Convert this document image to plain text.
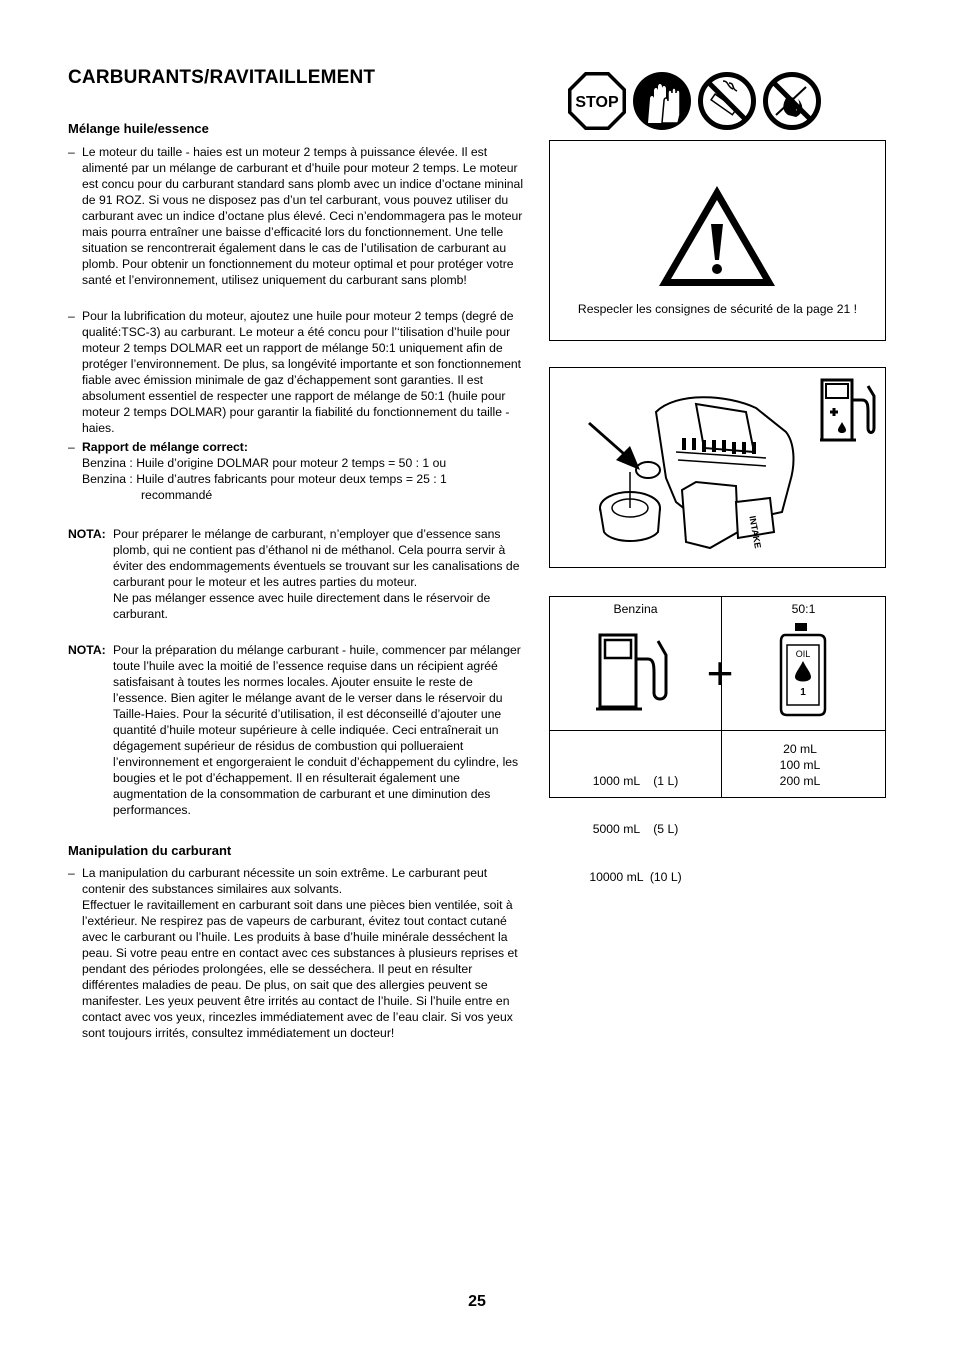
CARBURANTS/RAVITAILLEMENT
Mélange huile/essence
– Le moteur du taille - haies est un moteur 2 temps à puissance élevée. Il est alimenté par un mélange de carburant et d’huile pour moteur 2 temps. Le moteur est concu pour du carburant standard sans plomb avec un indice d’octane mininal de 91 ROZ. Si vous ne disposez pas d’un tel carburant, vous pouvez utiliser du carburant avec un indice d’octane plus élevé. Ceci n’endommagera pas le moteur mais pourra entraîner une baisse d’efficacité lors du fonctionnement. Une telle situation se rencontrerait également dans le cas de l’utilisation de carburant au plomb. Pour obtenir un fonctionnement du moteur optimal et pour protéger votre santé et l’environnement, utilisez uniquement du carburant sans plomb!

– Pour la lubrification du moteur, ajoutez une huile pour moteur 2 temps (degré de qualité:TSC-3) au carburant. Le moteur a été concu pour l’‘tilisation d’huile pour moteur 2 temps DOLMAR eet un rapport de mélange 50:1 uniquement afin de protéger l’environnement. De plus, sa longévité importante et son fonctionnement fiable avec émission minimale de gaz d’échappement sont garanties. Il est absolument essentiel de respecter une rapport de mélange de 50:1 (huile pour moteur 2 temps DOLMAR) pour garantir la fiabilité du fonctionnement du taille - haies.

– Rapport de mélange correct:

Benzina : Huile d’origine DOLMAR pour moteur 2 temps = 50 : 1 ou

Benzina : Huile d’autres fabricants pour moteur deux temps = 25 : 1

recommandé

NOTA: Pour préparer le mélange de carburant, n’employer que d’essence sans plomb, qui ne contient pas d’éthanol ni de méthanol. Cela pourra servir à éviter des endommagements éventuels se trouvant sur les canalisations de carburant pour le moteur et les autres parties du moteur.

Ne pas mélanger essence avec huile directement dans le réservoir de carburant.

NOTA: Pour la préparation du mélange carburant - huile, commencer par mélanger toute l’huile avec la moitié de l’essence requise dans un récipient agréé satisfaisant à toutes les normes locales. Ajouter ensuite le reste de l’essence. Bien agiter le mélange avant de le verser dans le réservoir du Taille-Haies. Pour la sécurité d’utilisation, il est déconseillé d’ajouter une quantité d’huile moteur supérieure à celle indiquée. Ceci entraînerait un dégagement supérieur de résidus de combustion qui pollueraient l’environnement et engorgeraient le conduit d’échappement du cylindre, les bougies et le pot d’échappement. Il en résulterait également une augmentation de la consommation de carburant et une diminution des performances.

Manipulation du carburant
– La manipulation du carburant nécessite un soin extrême. Le carburant peut contenir des substances similaires aux solvants.

Effectuer le ravitaillement en carburant soit dans une pièces bien ventilée, soit à l’extérieur. Ne respirez pas de vapeurs de carburant, évitez tout contact cutané avec le carburant ou l’huile. Les produits à base d’huile minérale desséchent la peau. Si votre peau entre en contact avec ces substances à plusieurs reprises et pendant des périodes prolongées, elle se desséchera. Il peut en résulter différentes maladies de peau. De plus, on sait que des allergies peuvent se manifester. Les yeux peuvent être irrités au contact de l’huile. Si l’huile entre en contact avec vos yeux, rincezles immédiatement avec de l’eau clair. Si vos yeux sont toujours irrités, consultez immédiatement un docteur!

STOP
Respecler les consignes de sécurité de la page 21 !
INTAKE
Benzina	50:1
+	OIL
1

1000 mL    (1 L)

5000 mL    (5 L)

10000 mL  (10 L)

20 mL
100 mL
200 mL
25
